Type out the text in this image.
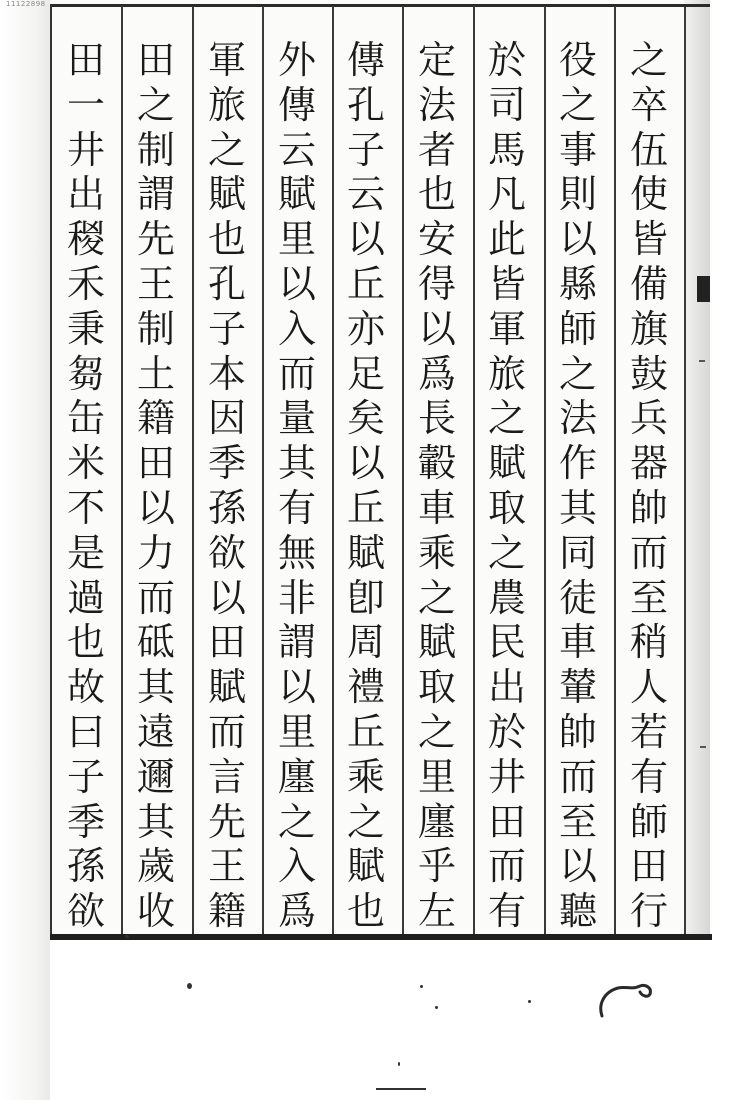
11122898
之
卒
伍
使
皆
備
旗
鼓
兵
器
帥
而
至
稍
人
若
有
師
田
行
役
之
事
則
以
縣
師
之
法
作
其
同
徒
車
輦
帥
而
至
以
聽
於
司
馬
凡
此
皆
軍
旅
之
賦
取
之
農
民
出
於
井
田
而
有
定
法
者
也
安
得
以
爲
長
轂
車
乘
之
賦
取
之
里
廛
乎
左
傳
孔
子
云
以
丘
亦
足
矣
以
丘
賦
卽
周
禮
丘
乘
之
賦
也
外
傳
云
賦
里
以
入
而
量
其
有
無
非
謂
以
里
廛
之
入
爲
軍
旅
之
賦
也
孔
子
本
因
季
孫
欲
以
田
賦
而
言
先
王
籍
田
之
制
謂
先
王
制
土
籍
田
以
力
而
砥
其
遠
邇
其
歲
收
田
一
井
出
稯
禾
秉
芻
缶
米
不
是
過
也
故
曰
子
季
孫
欲
